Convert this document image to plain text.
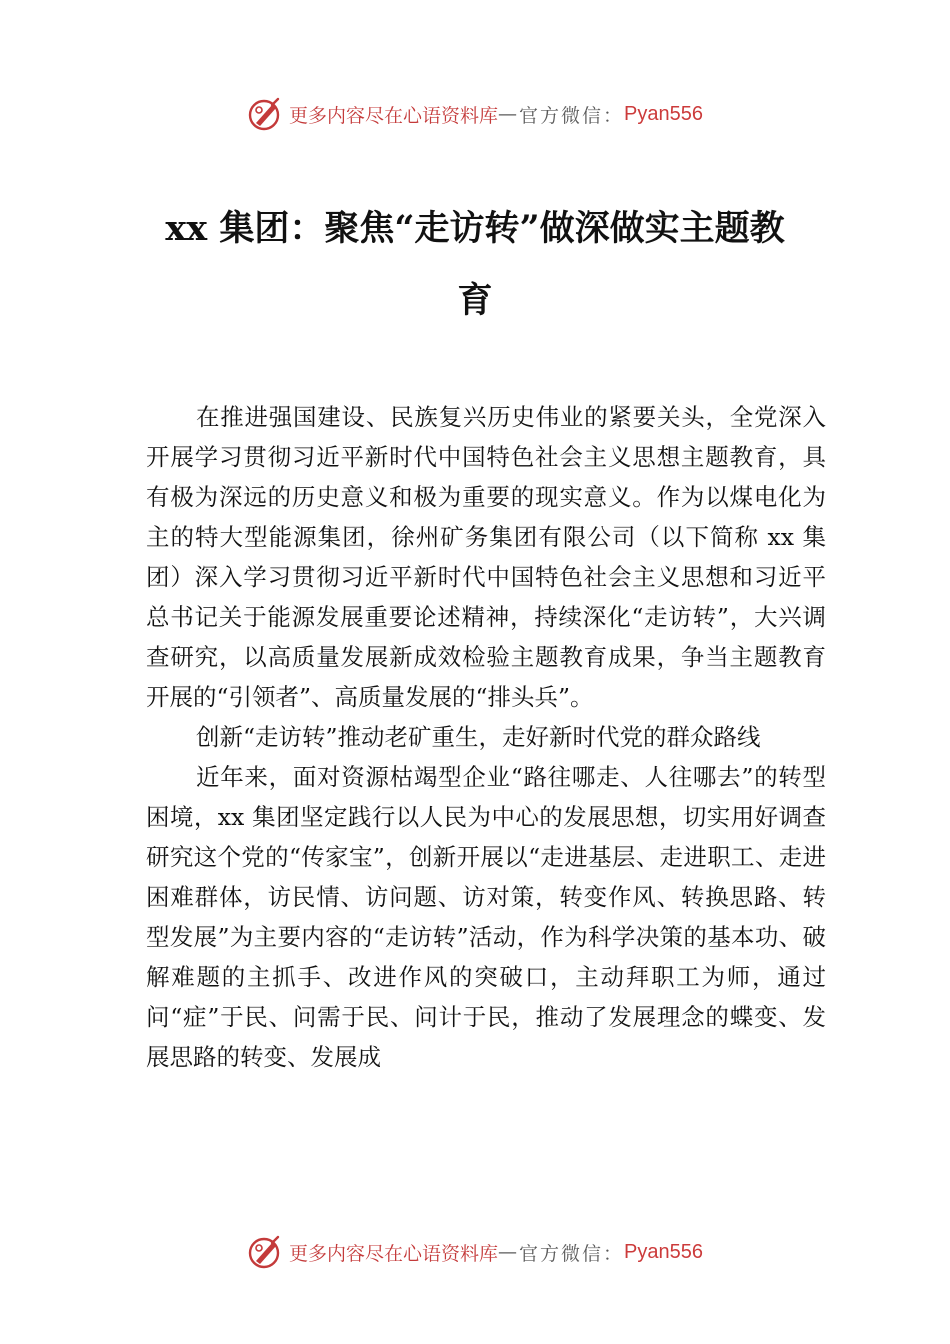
更多内容尽在心语资料库 — 官方微信： Pyan556
xx 集团：聚焦“走访转”做深做实主题教
育

在推进强国建设、民族复兴历史伟业的紧要关头，全党深入开展学习贯彻习近平新时代中国特色社会主义思想主题教育，具有极为深远的历史意义和极为重要的现实意义。作为以煤电化为主的特大型能源集团，徐州矿务集团有限公司（以下简称 xx 集团）深入学习贯彻习近平新时代中国特色社会主义思想和习近平总书记关于能源发展重要论述精神，持续深化“走访转”，大兴调查研究，以高质量发展新成效检验主题教育成果，争当主题教育开展的“引领者”、高质量发展的“排头兵”。

创新“走访转”推动老矿重生，走好新时代党的群众路线

近年来，面对资源枯竭型企业“路往哪走、人往哪去”的转型困境，xx 集团坚定践行以人民为中心的发展思想，切实用好调查研究这个党的“传家宝”，创新开展以“走进基层、走进职工、走进困难群体，访民情、访问题、访对策，转变作风、转换思路、转型发展”为主要内容的“走访转”活动，作为科学决策的基本功、破解难题的主抓手、改进作风的突破口，主动拜职工为师，通过问“症”于民、问需于民、问计于民，推动了发展理念的蝶变、发展思路的转变、发展成

更多内容尽在心语资料库 — 官方微信： Pyan556
